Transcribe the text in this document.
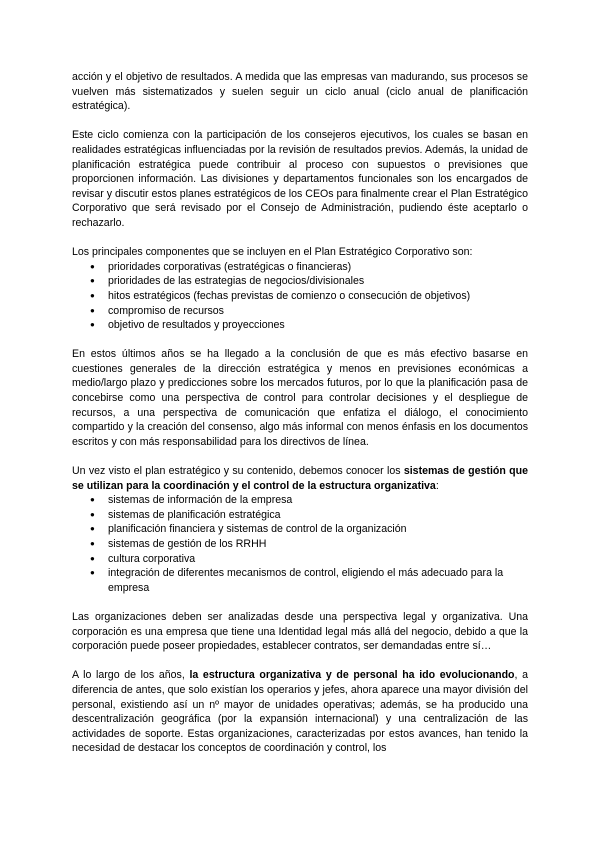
acción y el objetivo de resultados. A medida que las empresas van madurando, sus procesos se vuelven más sistematizados y suelen seguir un ciclo anual (ciclo anual de planificación estratégica).

Este ciclo comienza con la participación de los consejeros ejecutivos, los cuales se basan en realidades estratégicas influenciadas por la revisión de resultados previos. Además, la unidad de planificación estratégica puede contribuir al proceso con supuestos o previsiones que proporcionen información. Las divisiones y departamentos funcionales son los encargados de revisar y discutir estos planes estratégicos de los CEOs para finalmente crear el Plan Estratégico Corporativo que será revisado por el Consejo de Administración, pudiendo éste aceptarlo o rechazarlo.

Los principales componentes que se incluyen en el Plan Estratégico Corporativo son:

● prioridades corporativas (estratégicas o financieras)
● prioridades de las estrategias de negocios/divisionales
● hitos estratégicos (fechas previstas de comienzo o consecución de objetivos)
● compromiso de recursos
● objetivo de resultados y proyecciones

En estos últimos años se ha llegado a la conclusión de que es más efectivo basarse en cuestiones generales de la dirección estratégica y menos en previsiones económicas a medio/largo plazo y predicciones sobre los mercados futuros, por lo que la planificación pasa de concebirse como una perspectiva de control para controlar decisiones y el despliegue de recursos, a una perspectiva de comunicación que enfatiza el diálogo, el conocimiento compartido y la creación del consenso, algo más informal con menos énfasis en los documentos escritos y con más responsabilidad para los directivos de línea.

Un vez visto el plan estratégico y su contenido, debemos conocer los sistemas de gestión que se utilizan para la coordinación y el control de la estructura organizativa:

● sistemas de información de la empresa
● sistemas de planificación estratégica
● planificación financiera y sistemas de control de la organización
● sistemas de gestión de los RRHH
● cultura corporativa
● integración de diferentes mecanismos de control, eligiendo el más adecuado para la empresa

Las organizaciones deben ser analizadas desde una perspectiva legal y organizativa. Una corporación es una empresa que tiene una Identidad legal más allá del negocio, debido a que la corporación puede poseer propiedades, establecer contratos, ser demandadas entre sí…

A lo largo de los años, la estructura organizativa y de personal ha ido evolucionando, a diferencia de antes, que solo existían los operarios y jefes, ahora aparece una mayor división del personal, existiendo así un nº mayor de unidades operativas; además, se ha producido una descentralización geográfica (por la expansión internacional) y una centralización de las actividades de soporte. Estas organizaciones, caracterizadas por estos avances, han tenido la necesidad de destacar los conceptos de coordinación y control, los
